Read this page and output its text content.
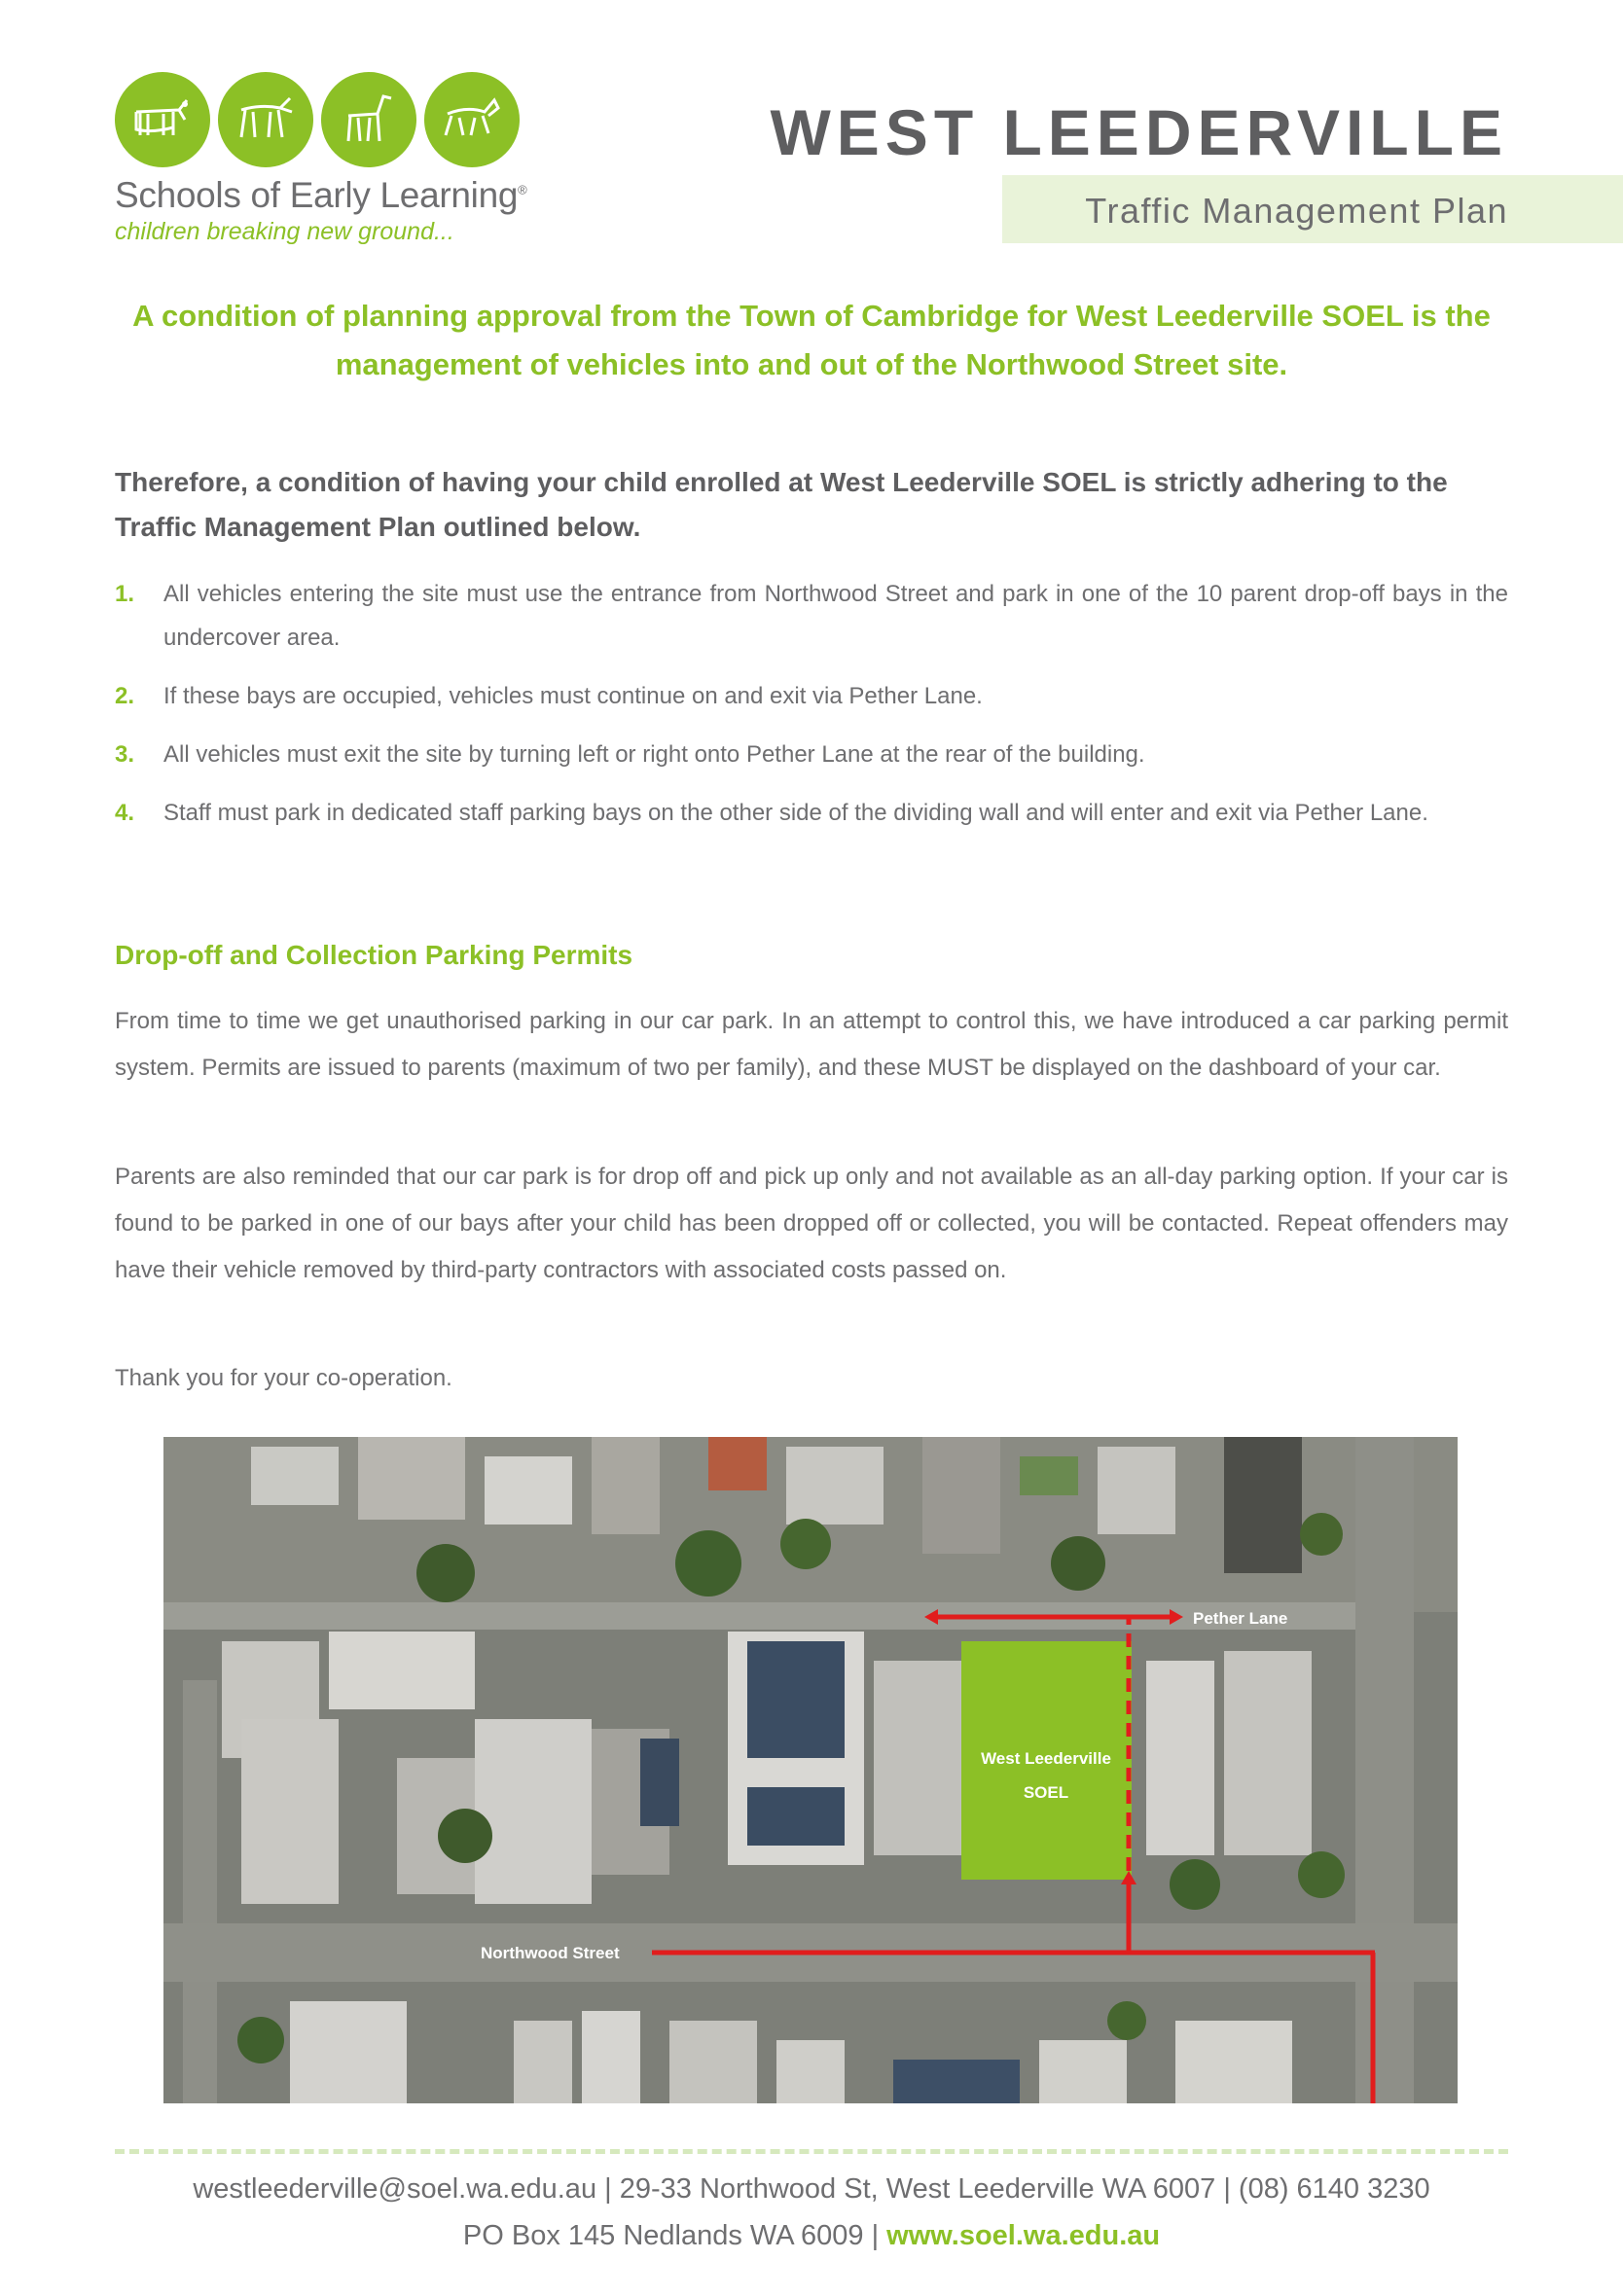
Schools of Early Learning®
children breaking new ground...
WEST LEEDERVILLE
Traffic Management Plan

A condition of planning approval from the Town of Cambridge for West Leederville SOEL is the management of vehicles into and out of the Northwood Street site.

Therefore, a condition of having your child enrolled at West Leederville SOEL is strictly adhering to the Traffic Management Plan outlined below.

1.	All vehicles entering the site must use the entrance from Northwood Street and park in one of the 10 parent drop-off bays in the undercover area.
2.	If these bays are occupied, vehicles must continue on and exit via Pether Lane.
3.	All vehicles must exit the site by turning left or right onto Pether Lane at the rear of the building.
4.	Staff must park in dedicated staff parking bays on the other side of the dividing wall and will enter and exit via Pether Lane.
Drop-off and Collection Parking Permits

From time to time we get unauthorised parking in our car park. In an attempt to control this, we have introduced a car parking permit system. Permits are issued to parents (maximum of two per family), and these MUST be displayed on the dashboard of your car.

Parents are also reminded that our car park is for drop off and pick up only and not available as an all-day parking option. If your car is found to be parked in one of our bays after your child has been dropped off or collected, you will be contacted. Repeat offenders may have their vehicle removed by third-party contractors with associated costs passed on.

Thank you for your co-operation.

Pether Lane
West Leederville
SOEL
Northwood Street

westleederville@soel.wa.edu.au | 29-33 Northwood St, West Leederville WA 6007 | (08) 6140 3230

PO Box 145 Nedlands WA 6009 | www.soel.wa.edu.au
